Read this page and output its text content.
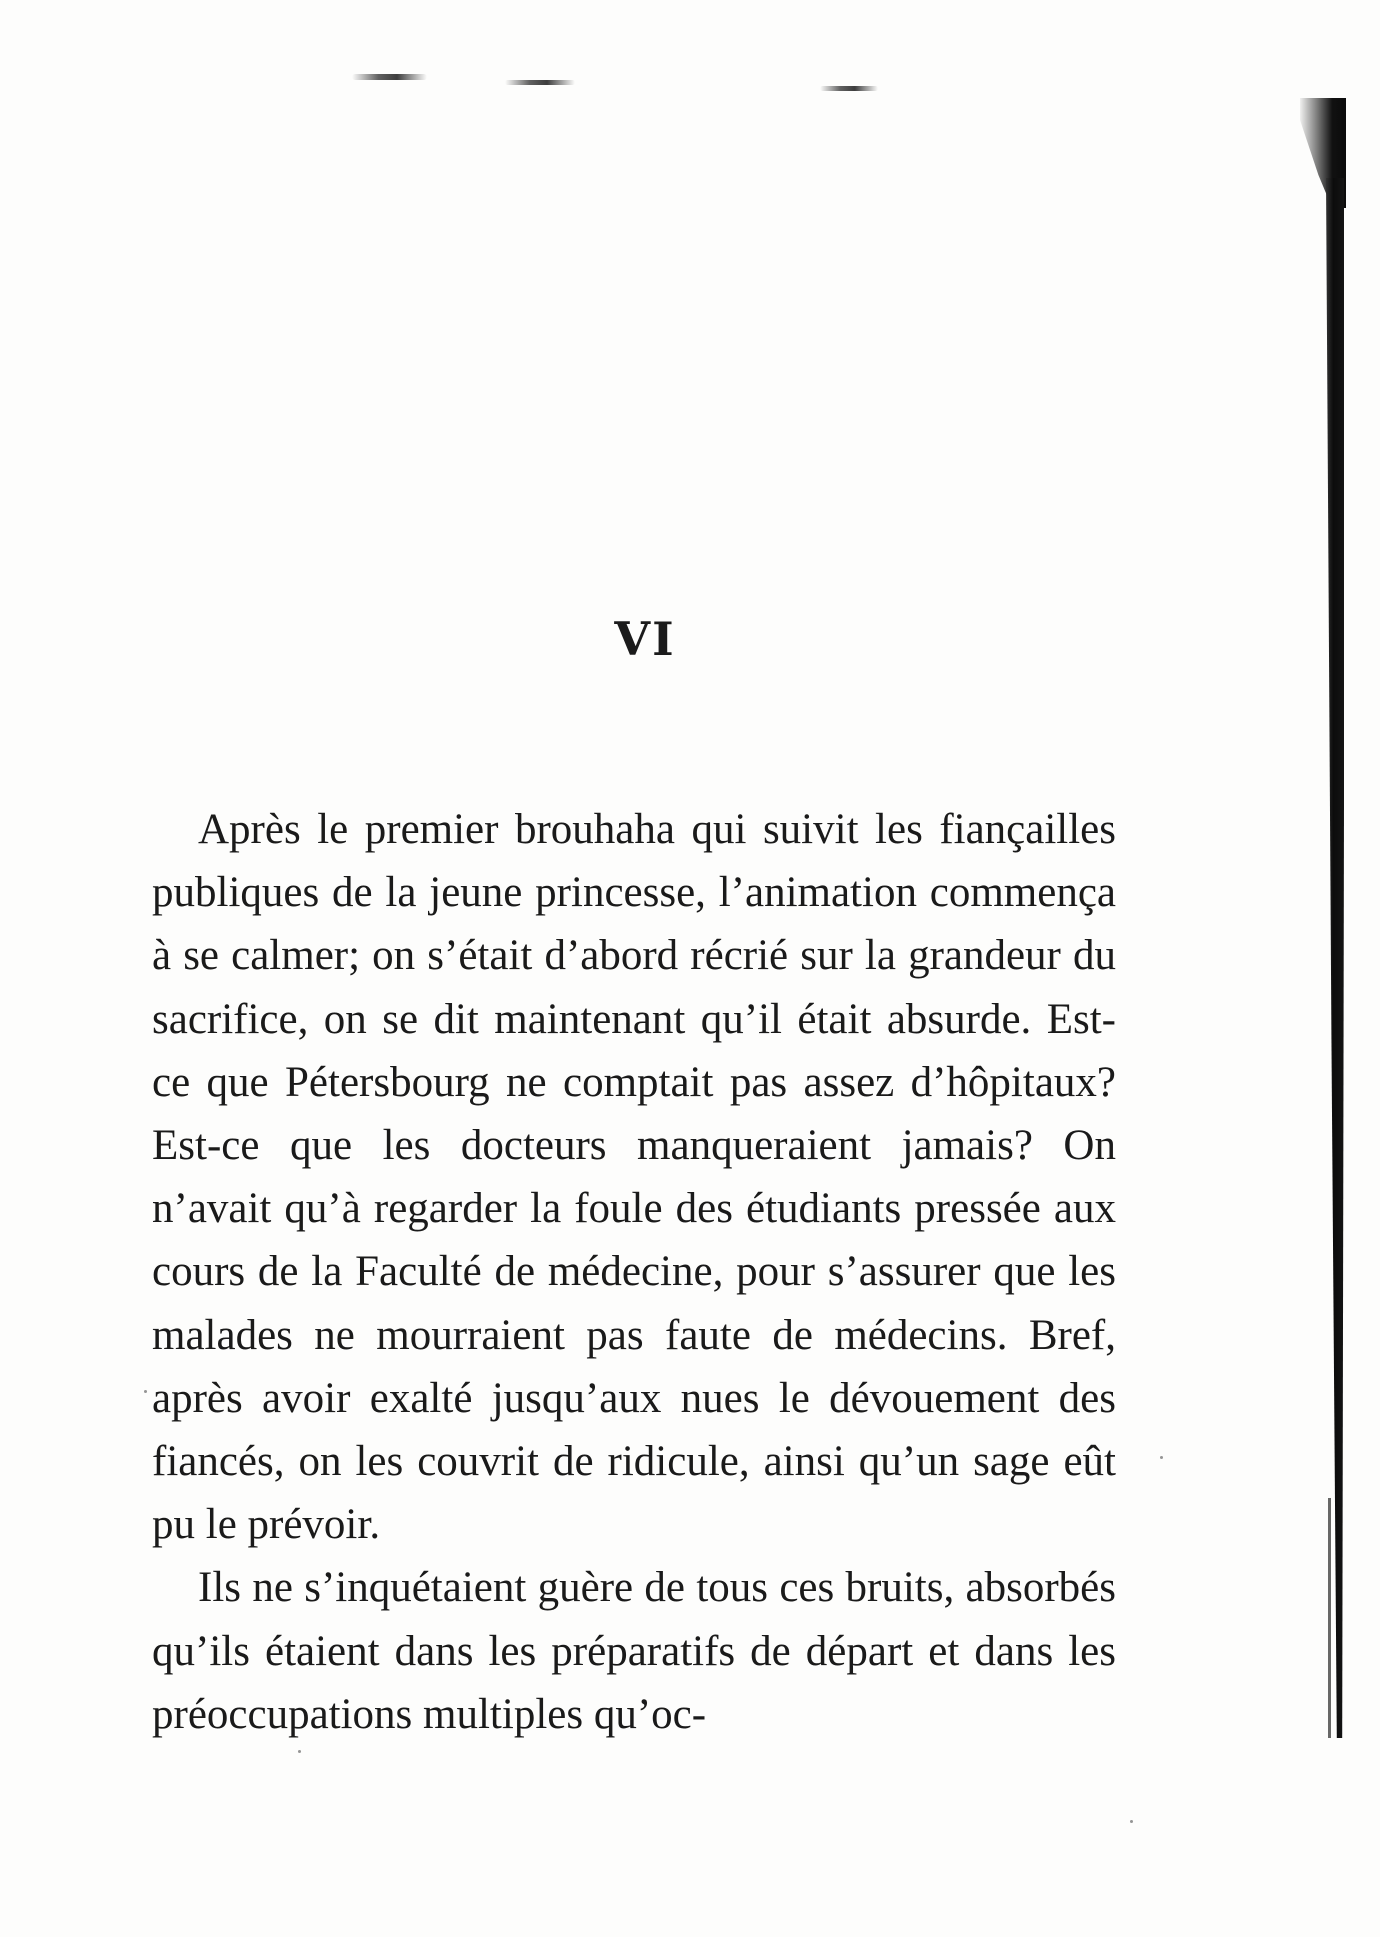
VI

Après le premier brouhaha qui suivit les fiançailles publiques de la jeune princesse, l’animation commença à se calmer; on s’était d’abord récrié sur la grandeur du sacrifice, on se dit maintenant qu’il était absurde. Est-ce que Pétersbourg ne comptait pas assez d’hôpitaux? Est-ce que les docteurs manqueraient jamais? On n’avait qu’à regarder la foule des étudiants pressée aux cours de la Faculté de médecine, pour s’assurer que les malades ne mourraient pas faute de médecins. Bref, après avoir exalté jusqu’aux nues le dévouement des fiancés, on les couvrit de ridicule, ainsi qu’un sage eût pu le prévoir.

Ils ne s’inquétaient guère de tous ces bruits, absorbés qu’ils étaient dans les préparatifs de départ et dans les préoccupations multiples qu’oc-
